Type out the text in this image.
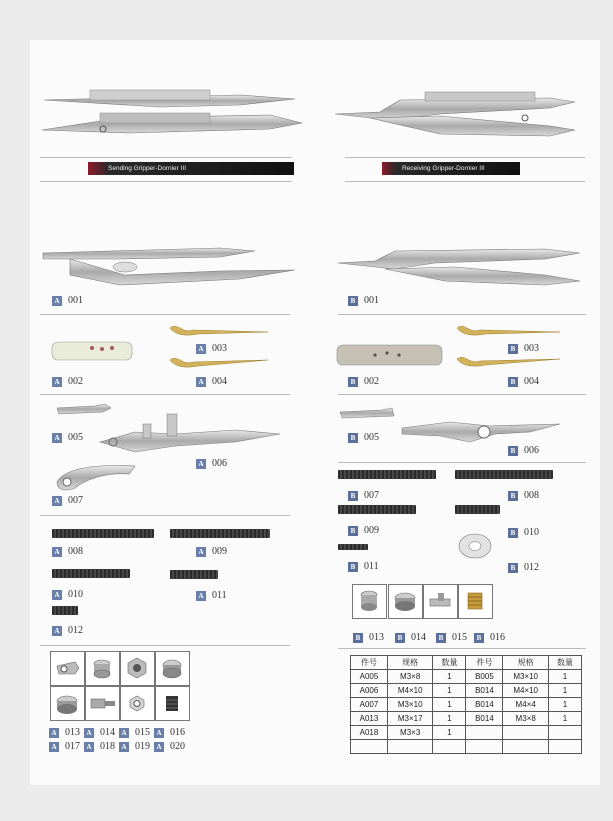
Sending Gripper-Dornier III	Receiving Gripper-Dornier III
A 001
A 002
A 003
A 004
A 005
A 006
A 007
A 008	A 009
A 010	A 011
A 012
A 013 A 014 A 015 A 016
A 017 A 018 A 019 A 020
B 001
B 002
B 003
B 004
B 005
B 006
B 007	B 008
B 009	B 010
B 011	B 012
B 013	B 014	B 015	B 016
件号	规格	数量	件号	规格	数量
A005	M3×8	1	B005	M3×10	1
A006	M4×10	1	B014	M4×10	1
A007	M3×10	1	B014	M4×4	1
A013	M3×17	1	B014	M3×8	1
A018	M3×3	1			
